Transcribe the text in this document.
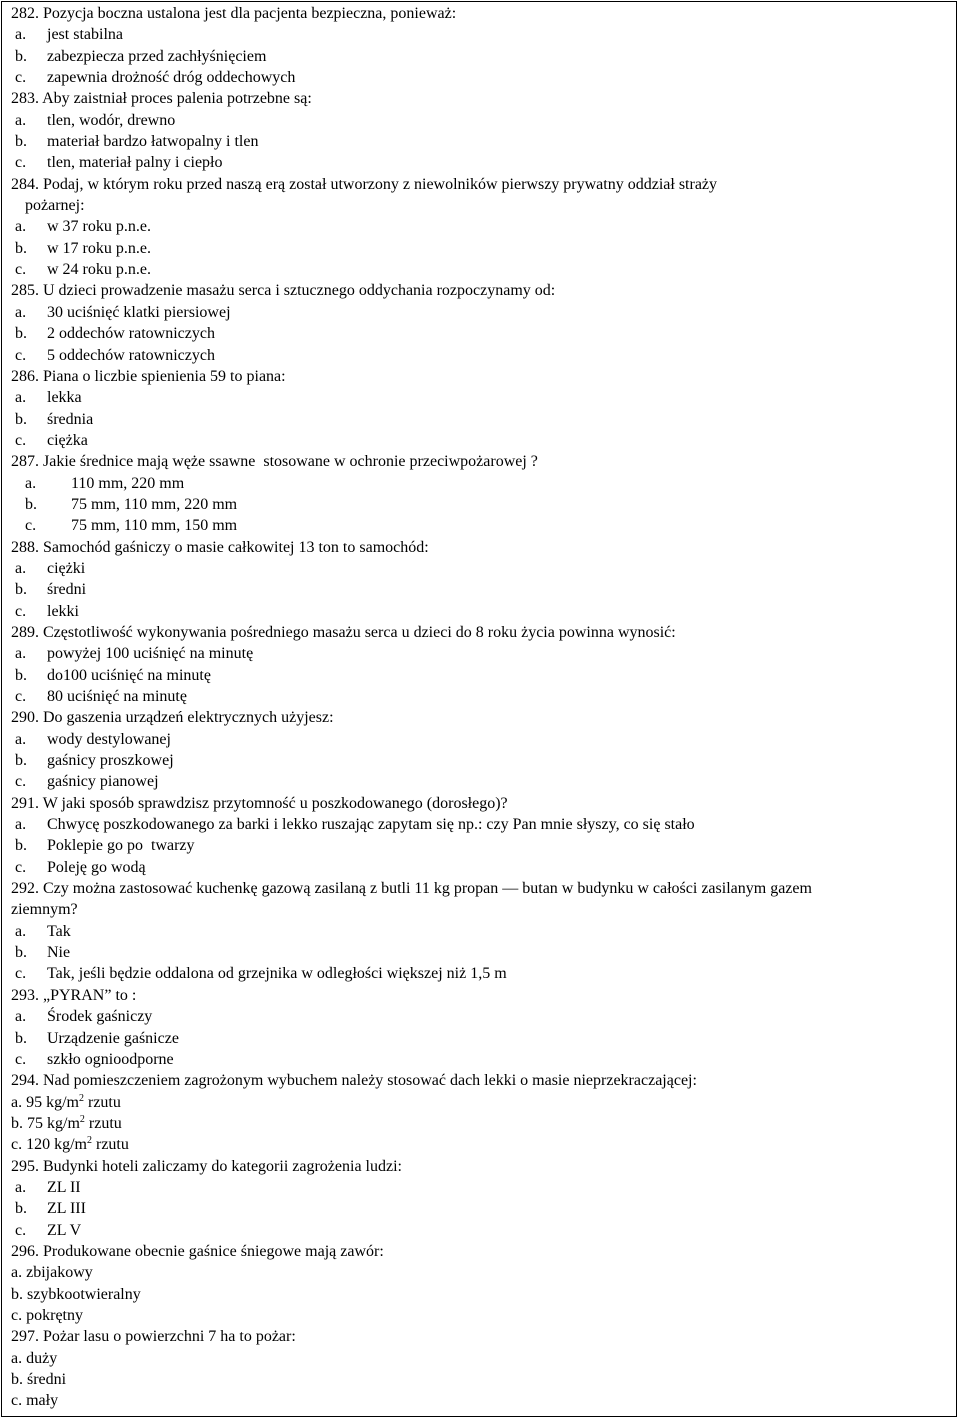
282. Pozycja boczna ustalona jest dla pacjenta bezpieczna, ponieważ:
a.	jest stabilna
b.	zabezpiecza przed zachłyśnięciem
c.	zapewnia drożność dróg oddechowych
283. Aby zaistniał proces palenia potrzebne są:
a.	tlen, wodór, drewno
b.	materiał bardzo łatwopalny i tlen
c.	tlen, materiał palny i ciepło
284. Podaj, w którym roku przed naszą erą został utworzony z niewolników pierwszy prywatny oddział straży
pożarnej:
a.	w 37 roku p.n.e.
b.	w 17 roku p.n.e.
c.	w 24 roku p.n.e.
285. U dzieci prowadzenie masażu serca i sztucznego oddychania rozpoczynamy od:
a.	30 uciśnięć klatki piersiowej
b.	2 oddechów ratowniczych
c.	5 oddechów ratowniczych
286. Piana o liczbie spienienia 59 to piana:
a.	lekka
b.	średnia
c.	ciężka
287. Jakie średnice mają węże ssawne  stosowane w ochronie przeciwpożarowej ?
a.	110 mm, 220 mm
b.	75 mm, 110 mm, 220 mm
c.	75 mm, 110 mm, 150 mm
288. Samochód gaśniczy o masie całkowitej 13 ton to samochód:
a.	ciężki
b.	średni
c.	lekki
289. Częstotliwość wykonywania pośredniego masażu serca u dzieci do 8 roku życia powinna wynosić:
a.	powyżej 100 uciśnięć na minutę
b.	do100 uciśnięć na minutę
c.	80 uciśnięć na minutę
290. Do gaszenia urządzeń elektrycznych użyjesz:
a.	wody destylowanej
b.	gaśnicy proszkowej
c.	gaśnicy pianowej
291. W jaki sposób sprawdzisz przytomność u poszkodowanego (dorosłego)?
a.	Chwycę poszkodowanego za barki i lekko ruszając zapytam się np.: czy Pan mnie słyszy, co się stało
b.	Poklepie go po  twarzy
c.	Poleję go wodą
292. Czy można zastosować kuchenkę gazową zasilaną z butli 11 kg propan — butan w budynku w całości zasilanym gazem
ziemnym?
a.	Tak
b.	Nie
c.	Tak, jeśli będzie oddalona od grzejnika w odległości większej niż 1,5 m
293. „PYRAN” to :
a.	Środek gaśniczy
b.	Urządzenie gaśnicze
c.	szkło ognioodporne
294. Nad pomieszczeniem zagrożonym wybuchem należy stosować dach lekki o masie nieprzekraczającej:
a. 95 $kg/m^2$ rzutu
b. 75 $kg/m^2$ rzutu
c. 120 $kg/m^2$ rzutu
295. Budynki hoteli zaliczamy do kategorii zagrożenia ludzi:
a.	ZL II
b.	ZL III
c.	ZL V
296. Produkowane obecnie gaśnice śniegowe mają zawór:
a. zbijakowy
b. szybkootwieralny
c. pokrętny
297. Pożar lasu o powierzchni 7 ha to pożar:
a. duży
b. średni
c. mały
